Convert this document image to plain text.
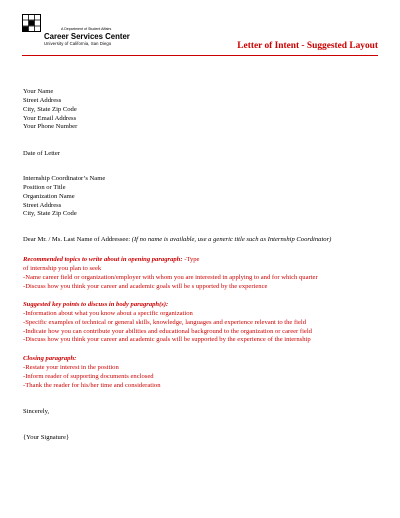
A Department of Student Affairs
Career Services Center
University of California, San Diego	Letter of Intent - Suggested Layout
Your Name
Street Address
City, State Zip Code
Your Email Address
Your Phone Number
Date of Letter
Internship Coordinator’s Name
Position or Title
Organization Name
Street Address
City, State Zip Code
Dear Mr. / Ms. Last Name of Addressee: (If no name is available, use a generic title such as Internship Coordinator)
Recommended topics to write about in opening paragraph: -Type
of internship you plan to seek
-Name career field or organization/employer with whom you are interested in applying to and for which quarter
-Discuss how you think your career and academic goals will be s upported by the experience
Suggested key points to discuss in body paragraph(s):
-Information about what you know about a specific organization
-Specific examples of technical or general skills, knowledge, languages and experience relevant to the field
-Indicate how you can contribute your abilities and educational background to the organization or career field
-Discuss how you think your career and academic goals will be supported by the experience of the internship
Closing paragraph:
-Restate your interest in the position
-Inform reader of supporting documents enclosed
-Thank the reader for his/her time and consideration
Sincerely,
{Your Signature}
